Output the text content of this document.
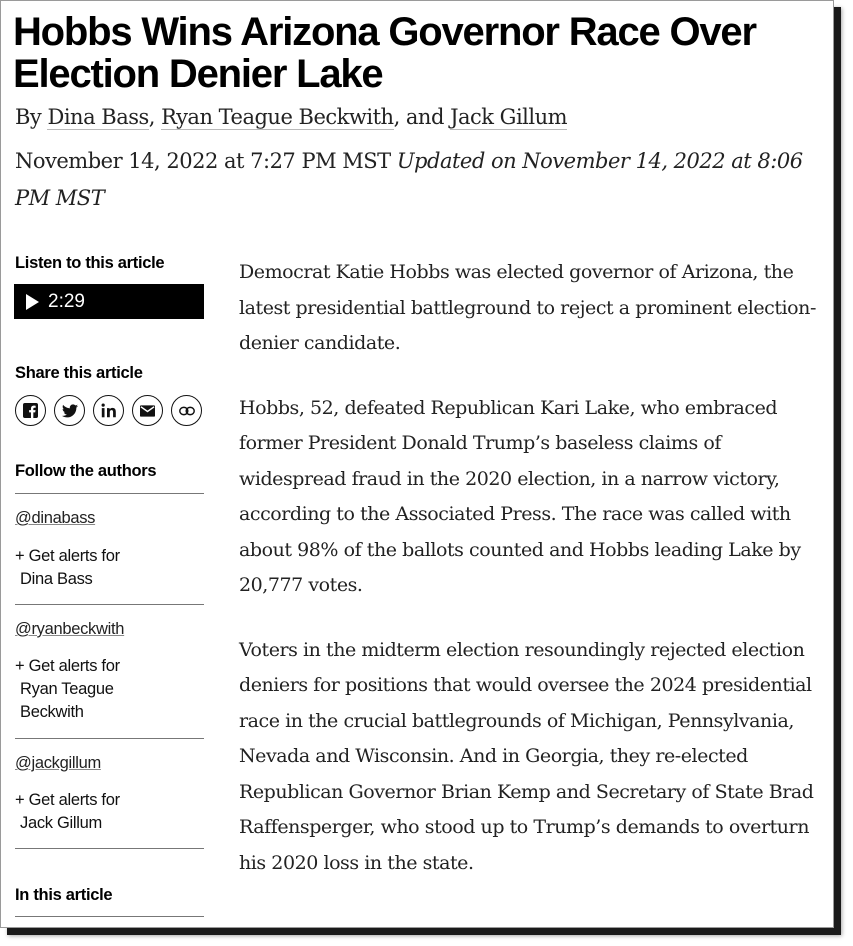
Hobbs Wins Arizona Governor Race Over Election Denier Lake
By Dina Bass, Ryan Teague Beckwith, and Jack Gillum
November 14, 2022 at 7:27 PM MST Updated on November 14, 2022 at 8:06 PM MST
Listen to this article
2:29
Share this article
Follow the authors
@dinabass
+ Get alerts for
Dina Bass
@ryanbeckwith
+ Get alerts for
Ryan Teague Beckwith
@jackgillum
+ Get alerts for
Jack Gillum
In this article

Democrat Katie Hobbs was elected governor of Arizona, the latest presidential battleground to reject a prominent election-denier candidate.

Hobbs, 52, defeated Republican Kari Lake, who embraced former President Donald Trump’s baseless claims of widespread fraud in the 2020 election, in a narrow victory, according to the Associated Press. The race was called with about 98% of the ballots counted and Hobbs leading Lake by 20,777 votes.

Voters in the midterm election resoundingly rejected election deniers for positions that would oversee the 2024 presidential race in the crucial battlegrounds of Michigan, Pennsylvania, Nevada and Wisconsin. And in Georgia, they re-elected Republican Governor Brian Kemp and Secretary of State Brad Raffensperger, who stood up to Trump’s demands to overturn his 2020 loss in the state.
